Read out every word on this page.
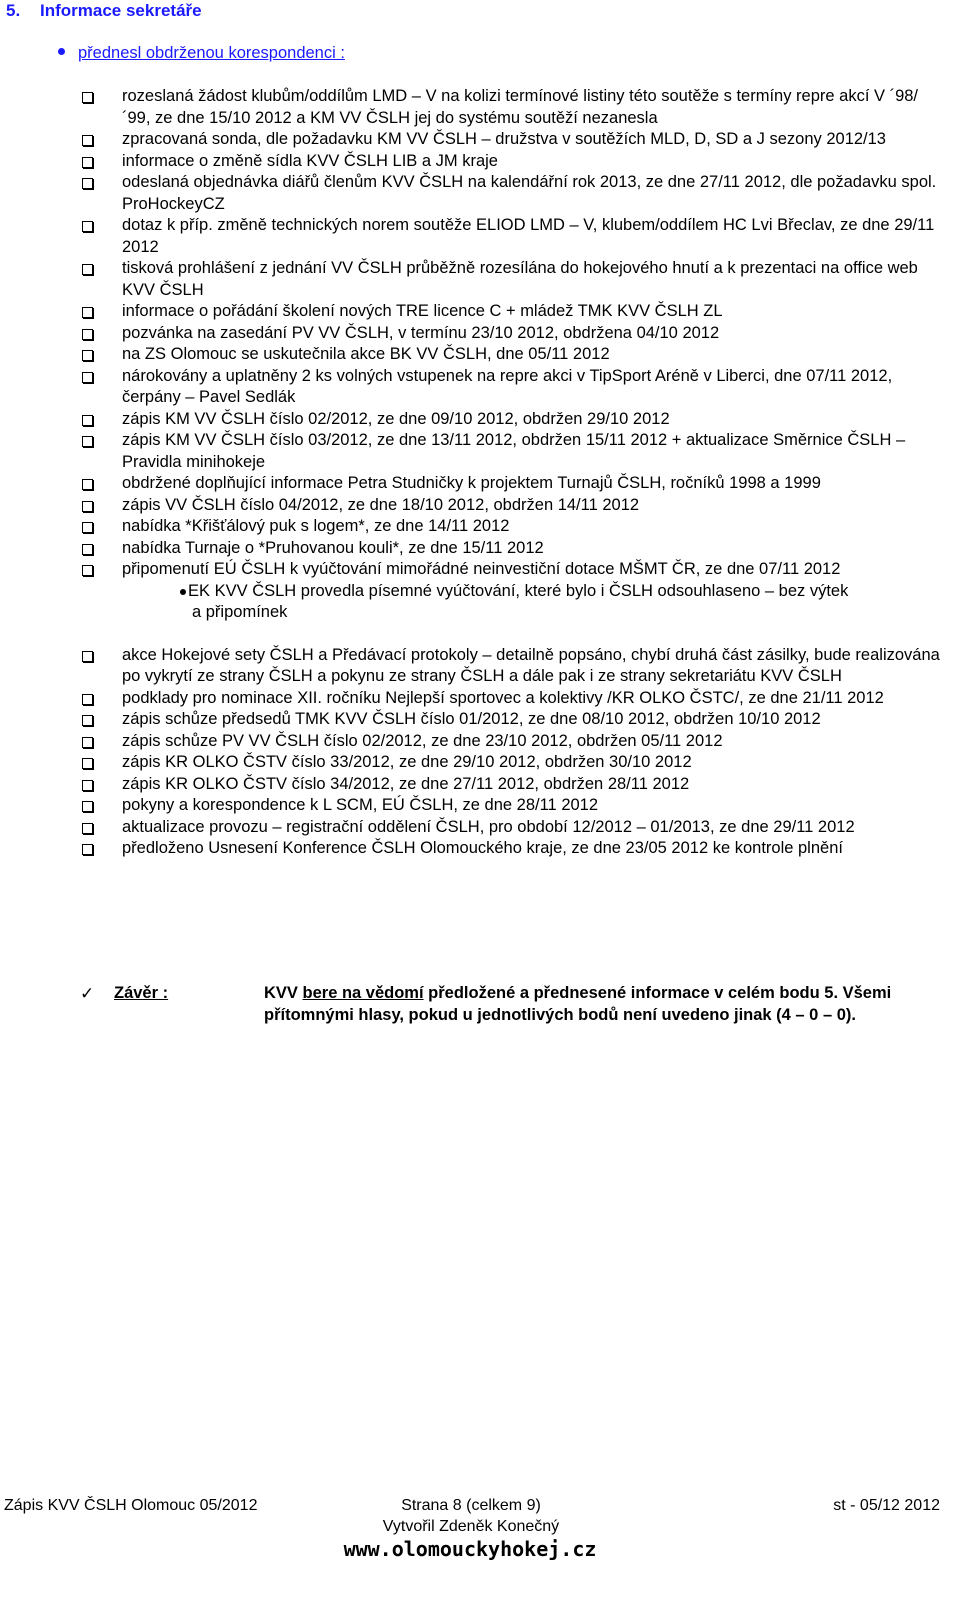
5. Informace sekretáře
přednesl obdrženou korespondenci :
rozeslaná žádost klubům/oddílům LMD – V na kolizi termínové listiny této soutěže s termíny repre akcí V ´98/´99, ze dne 15/10 2012 a KM VV ČSLH jej do systému soutěží nezanesla
zpracovaná sonda, dle požadavku KM VV ČSLH – družstva v soutěžích MLD, D, SD a J sezony 2012/13
informace o změně sídla KVV ČSLH LIB a JM kraje
odeslaná objednávka diářů členům KVV ČSLH na kalendářní rok 2013, ze dne 27/11 2012, dle požadavku spol. ProHockeyCZ
dotaz k příp. změně technických norem soutěže ELIOD LMD – V, klubem/oddílem HC Lvi Břeclav, ze dne 29/11 2012
tisková prohlášení z jednání VV ČSLH průběžně rozesílána do hokejového hnutí a k prezentaci na office web KVV ČSLH
informace o pořádání školení nových TRE licence C + mládež TMK KVV ČSLH ZL
pozvánka na zasedání PV VV ČSLH, v termínu 23/10 2012, obdržena 04/10 2012
na ZS Olomouc se uskutečnila akce BK VV ČSLH, dne 05/11 2012
nárokovány a uplatněny 2 ks volných vstupenek na repre akci v TipSport Aréně v Liberci, dne 07/11 2012, čerpány – Pavel Sedlák
zápis KM VV ČSLH číslo 02/2012, ze dne 09/10 2012, obdržen 29/10 2012
zápis KM VV ČSLH číslo 03/2012, ze dne 13/11 2012, obdržen 15/11 2012 + aktualizace Směrnice ČSLH – Pravidla minihokeje
obdržené doplňující informace Petra Studničky k projektem Turnajů ČSLH, ročníků 1998 a 1999
zápis VV ČSLH číslo 04/2012, ze dne 18/10 2012, obdržen 14/11 2012
nabídka *Křišťálový puk s logem*, ze dne 14/11 2012
nabídka Turnaje o *Pruhovanou kouli*, ze dne 15/11 2012
připomenutí EÚ ČSLH k vyúčtování mimořádné neinvestiční dotace MŠMT ČR, ze dne 07/11 2012
EK KVV ČSLH provedla písemné vyúčtování, které bylo i ČSLH odsouhlaseno – bez výtek
a připomínek
akce Hokejové sety ČSLH a Předávací protokoly – detailně popsáno, chybí druhá část zásilky, bude realizována po vykrytí ze strany ČSLH a pokynu ze strany ČSLH a dále pak i ze strany sekretariátu KVV ČSLH
podklady pro nominace XII. ročníku Nejlepší sportovec a kolektivy /KR OLKO ČSTC/, ze dne 21/11 2012
zápis schůze předsedů TMK KVV ČSLH číslo 01/2012, ze dne 08/10 2012, obdržen 10/10 2012
zápis schůze PV VV ČSLH číslo 02/2012, ze dne 23/10 2012, obdržen 05/11 2012
zápis KR OLKO ČSTV číslo 33/2012, ze dne 29/10 2012, obdržen 30/10 2012
zápis KR OLKO ČSTV číslo 34/2012, ze dne 27/11 2012, obdržen 28/11 2012
pokyny a korespondence k L SCM, EÚ ČSLH, ze dne 28/11 2012
aktualizace provozu – registrační oddělení ČSLH, pro období 12/2012 – 01/2013, ze dne 29/11 2012
předloženo Usnesení Konference ČSLH Olomouckého kraje, ze dne 23/05 2012 ke kontrole plnění
✓ Závěr :	KVV bere na vědomí předložené a přednesené informace v celém bodu 5. Všemi přítomnými hlasy, pokud u jednotlivých bodů není uvedeno jinak (4 – 0 – 0).
Zápis KVV ČSLH Olomouc 05/2012	Strana 8 (celkem 9)
Vytvořil Zdeněk Konečný
st - 05/12 2012
www.olomouckyhokej.cz
